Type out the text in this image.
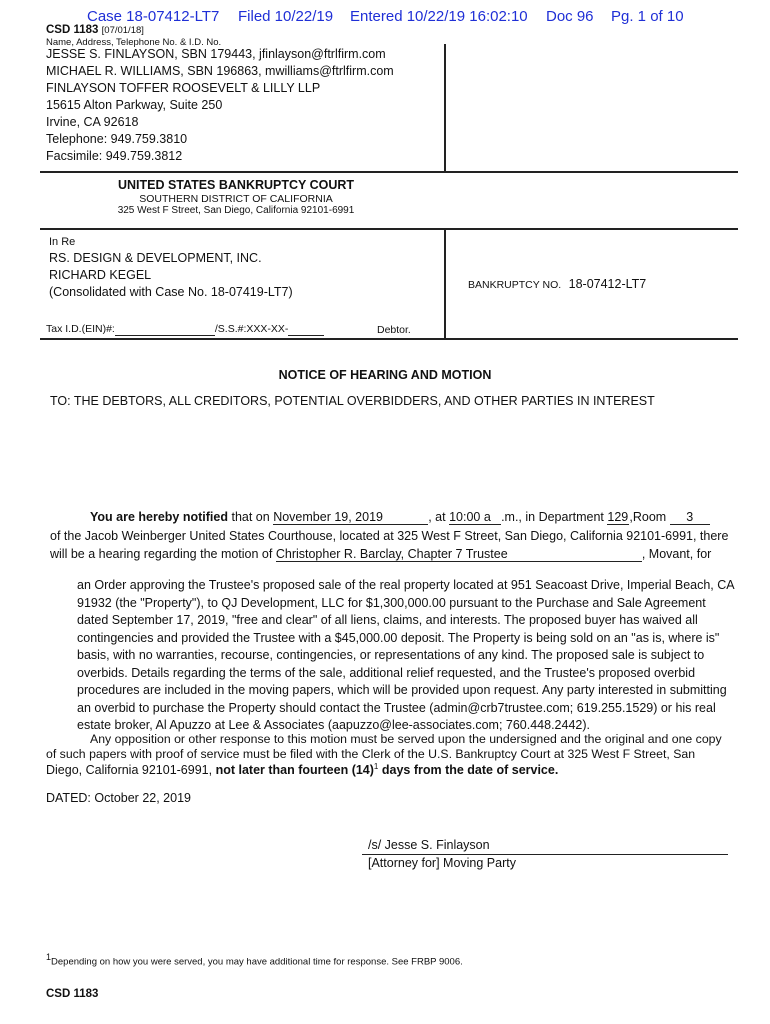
Case 18-07412-LT7 Filed 10/22/19 Entered 10/22/19 16:02:10 Doc 96 Pg. 1 of 10
CSD 1183 [07/01/18]
Name, Address, Telephone No. & I.D. No.
JESSE S. FINLAYSON, SBN 179443, jfinlayson@ftrlfirm.com
MICHAEL R. WILLIAMS, SBN 196863, mwilliams@ftrlfirm.com
FINLAYSON TOFFER ROOSEVELT & LILLY LLP
15615 Alton Parkway, Suite 250
Irvine, CA 92618
Telephone: 949.759.3810
Facsimile: 949.759.3812
UNITED STATES BANKRUPTCY COURT
SOUTHERN DISTRICT OF CALIFORNIA
325 West F Street, San Diego, California 92101-6991
In Re
RS. DESIGN & DEVELOPMENT, INC.
RICHARD KEGEL
(Consolidated with Case No. 18-07419-LT7)	BANKRUPTCY NO. 18-07412-LT7
Tax I.D.(EIN)#:	/S.S.#:XXX-XX-	Debtor.
NOTICE OF HEARING AND MOTION
TO: THE DEBTORS, ALL CREDITORS, POTENTIAL OVERBIDDERS, AND OTHER PARTIES IN INTEREST
You are hereby notified that on November 19, 2019	, at 10:00 a .m., in Department 129,Room 3
of the Jacob Weinberger United States Courthouse, located at 325 West F Street, San Diego, California 92101-6991, there
will be a hearing regarding the motion of Christopher R. Barclay, Chapter 7 Trustee	, Movant, for
an Order approving the Trustee's proposed sale of the real property located at 951 Seacoast Drive, Imperial Beach, CA 91932 (the "Property"), to QJ Development, LLC for $1,300,000.00 pursuant to the Purchase and Sale Agreement dated September 17, 2019, "free and clear" of all liens, claims, and interests. The proposed buyer has waived all contingencies and provided the Trustee with a $45,000.00 deposit. The Property is being sold on an "as is, where is" basis, with no warranties, recourse, contingencies, or representations of any kind. The proposed sale is subject to overbids. Details regarding the terms of the sale, additional relief requested, and the Trustee's proposed overbid procedures are included in the moving papers, which will be provided upon request. Any party interested in submitting an overbid to purchase the Property should contact the Trustee (admin@crb7trustee.com; 619.255.1529) or his real estate broker, Al Apuzzo at Lee & Associates (aapuzzo@lee-associates.com; 760.448.2442).
Any opposition or other response to this motion must be served upon the undersigned and the original and one copy
of such papers with proof of service must be filed with the Clerk of the U.S. Bankruptcy Court at 325 West F Street, San
Diego, California 92101-6991, not later than fourteen $(14)^1$ days from the date of service.
DATED: October 22, 2019
/s/ Jesse S. Finlayson
[Attorney for] Moving Party
$^1$Depending on how you were served, you may have additional time for response. See FRBP 9006.
CSD 1183
